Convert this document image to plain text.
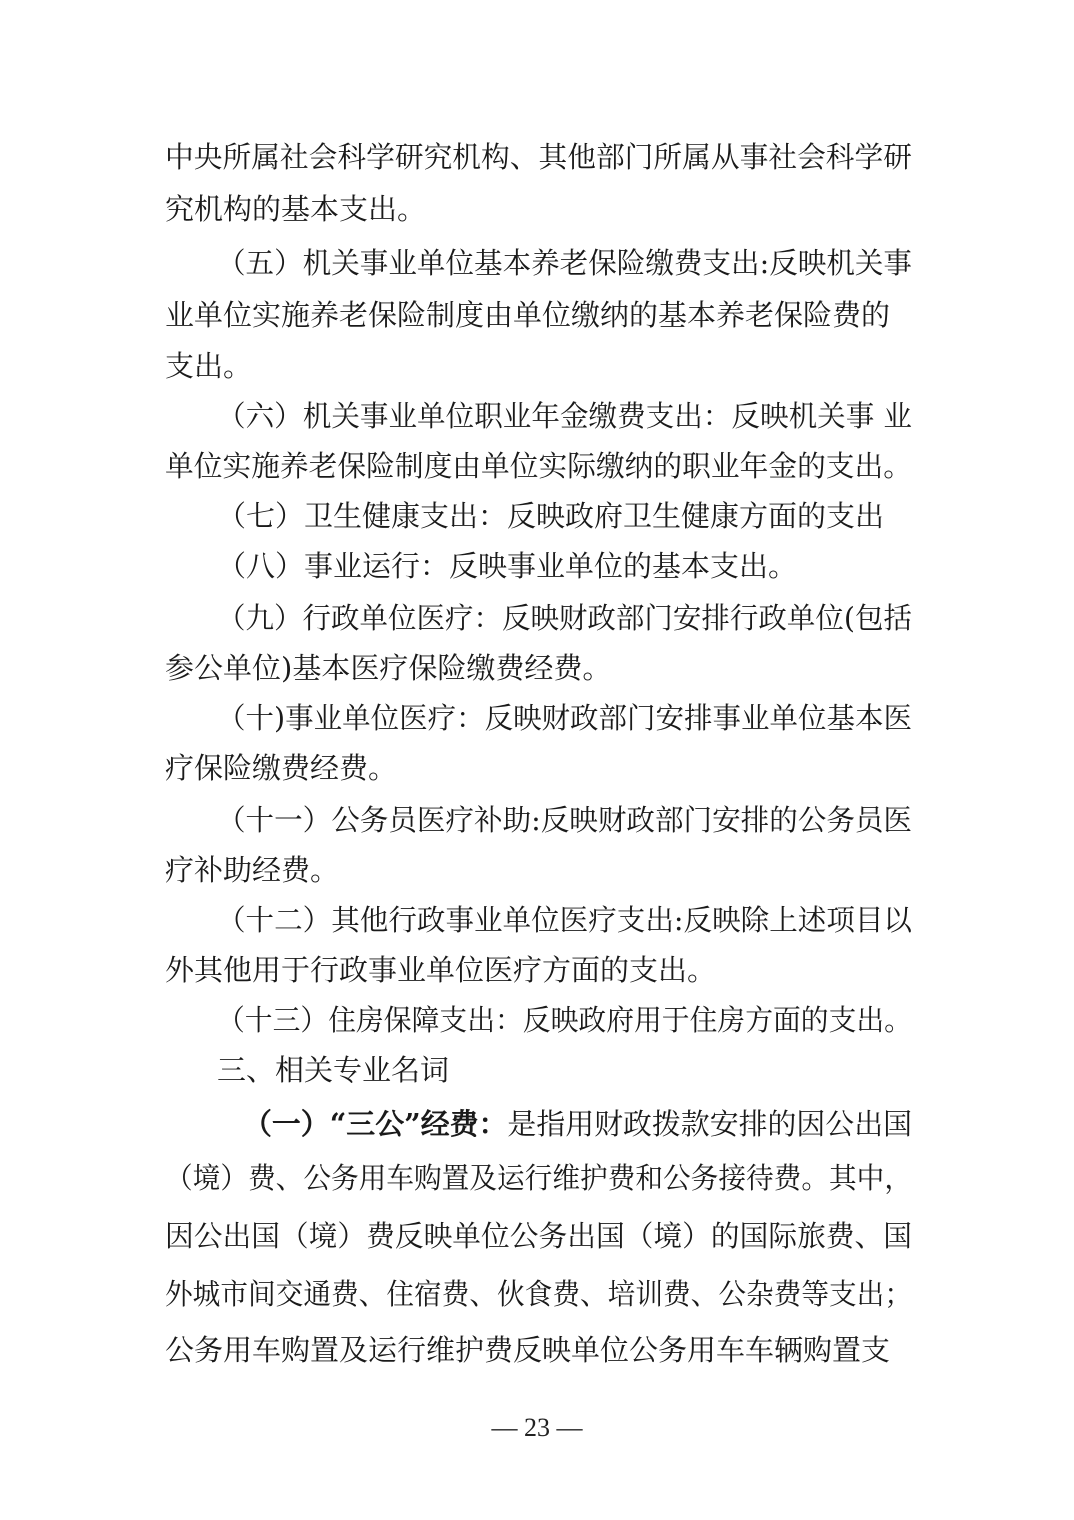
中央所属社会科学研究机构、其他部门所属从事社会科学研
究机构的基本支出。
（五）机关事业单位基本养老保险缴费支出:反映机关事
业单位实施养老保险制度由单位缴纳的基本养老保险费的
支出。
（六）机关事业单位职业年金缴费支出：反映机关事 业
单位实施养老保险制度由单位实际缴纳的职业年金的支出。
（七）卫生健康支出：反映政府卫生健康方面的支出
（八）事业运行：反映事业单位的基本支出。
（九）行政单位医疗：反映财政部门安排行政单位(包括
参公单位)基本医疗保险缴费经费。
（十)事业单位医疗：反映财政部门安排事业单位基本医
疗保险缴费经费。
（十一）公务员医疗补助:反映财政部门安排的公务员医
疗补助经费。
（十二）其他行政事业单位医疗支出:反映除上述项目以
外其他用于行政事业单位医疗方面的支出。
（十三）住房保障支出：反映政府用于住房方面的支出。
三、相关专业名词
（一）“三公”经费：是指用财政拨款安排的因公出国
（境）费、公务用车购置及运行维护费和公务接待费。其中，
因公出国（境）费反映单位公务出国（境）的国际旅费、国
外城市间交通费、住宿费、伙食费、培训费、公杂费等支出；
公务用车购置及运行维护费反映单位公务用车车辆购置支
— 23 —
